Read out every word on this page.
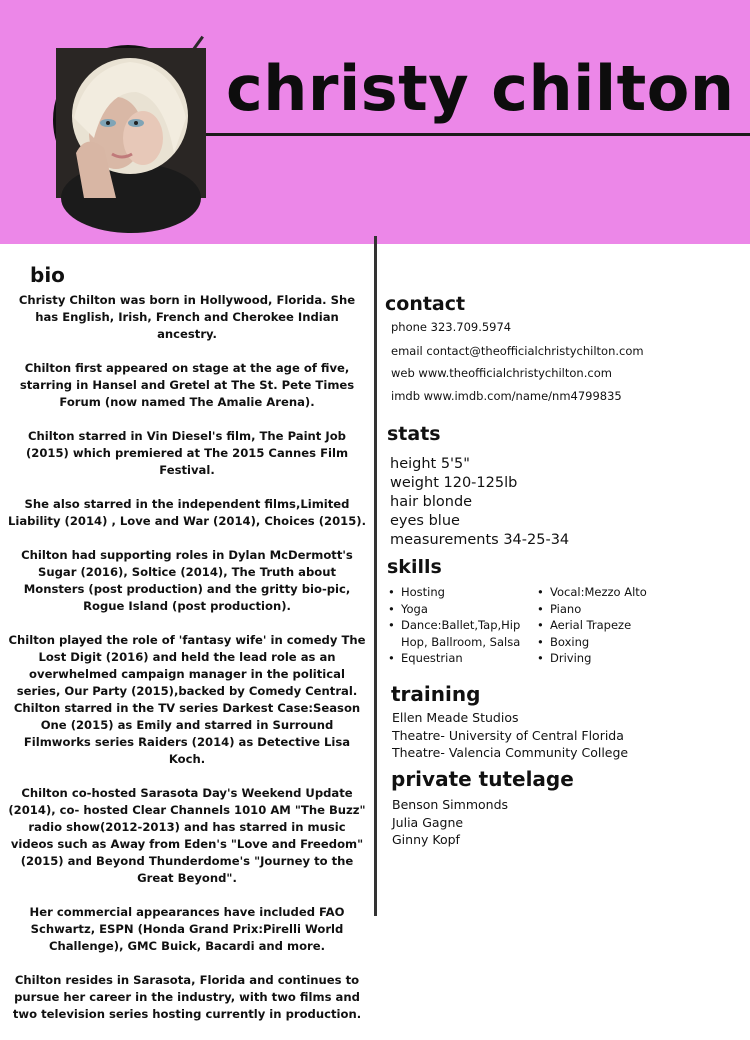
christy chilton
bio

Christy Chilton was born in Hollywood, Florida. She has English, Irish, French and Cherokee Indian ancestry.

Chilton first appeared on stage at the age of five, starring in Hansel and Gretel at The St. Pete Times Forum (now named The Amalie Arena).

Chilton starred in Vin Diesel's film, The Paint Job (2015) which premiered at The 2015 Cannes Film Festival.

She also starred in the independent films,Limited Liability (2014) , Love and War (2014), Choices (2015).

Chilton had supporting roles in Dylan McDermott's Sugar (2016), Soltice (2014), The Truth about Monsters (post production) and the gritty bio-pic, Rogue Island (post production).

Chilton played the role of 'fantasy wife' in comedy The Lost Digit (2016) and held the lead role as an overwhelmed campaign manager in the political series, Our Party (2015),backed by Comedy Central. Chilton starred in the TV series Darkest Case:Season One (2015) as Emily and starred in Surround Filmworks series Raiders (2014) as Detective Lisa Koch.

Chilton co-hosted Sarasota Day's Weekend Update (2014), co- hosted Clear Channels 1010 AM "The Buzz" radio show(2012-2013) and has starred in music videos such as Away from Eden's "Love and Freedom" (2015) and Beyond Thunderdome's "Journey to the Great Beyond".

Her commercial appearances have included FAO Schwartz, ESPN (Honda Grand Prix:Pirelli World Challenge), GMC Buick, Bacardi and more.

Chilton resides in Sarasota, Florida and continues to pursue her career in the industry, with two films and two television series hosting currently in production.

contact
phone 323.709.5974
email contact@theofficialchristychilton.com
web www.theofficialchristychilton.com
imdb www.imdb.com/name/nm4799835
stats
height 5'5"
weight 120-125lb
hair blonde
eyes blue
measurements 34-25-34
skills
• Hosting
• Yoga
• Dance:Ballet,Tap,Hip Hop, Ballroom, Salsa
• Equestrian
• Vocal:Mezzo Alto
• Piano
• Aerial Trapeze
• Boxing
• Driving
training
Ellen Meade Studios
Theatre- University of Central Florida
Theatre- Valencia Community College
private tutelage
Benson Simmonds
Julia Gagne
Ginny Kopf
